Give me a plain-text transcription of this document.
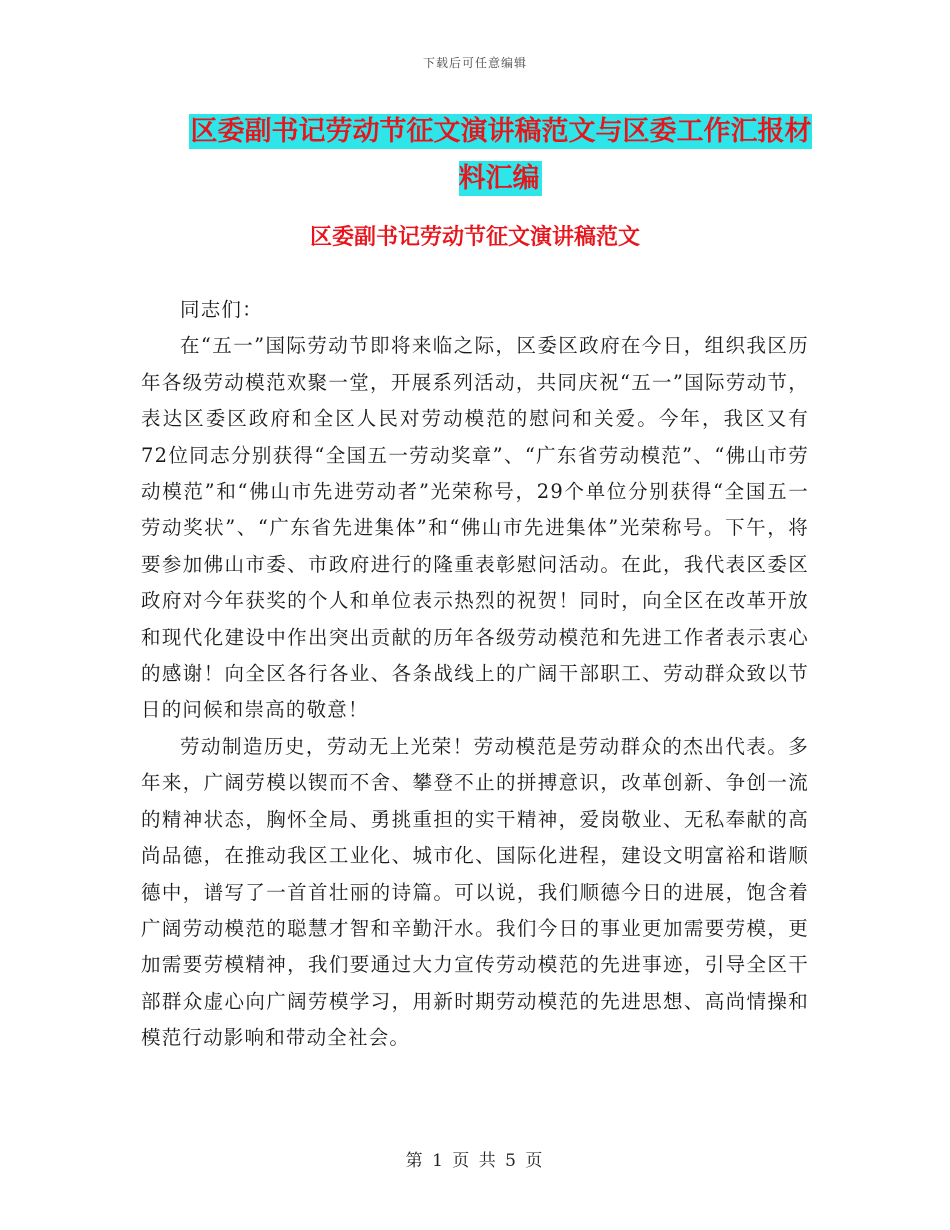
下载后可任意编辑
区委副书记劳动节征文演讲稿范文与区委工作汇报材料汇编
区委副书记劳动节征文演讲稿范文

同志们：

在“五一”国际劳动节即将来临之际，区委区政府在今日，组织我区历年各级劳动模范欢聚一堂，开展系列活动，共同庆祝“五一”国际劳动节，表达区委区政府和全区人民对劳动模范的慰问和关爱。今年，我区又有72位同志分别获得“全国五一劳动奖章”、“广东省劳动模范”、“佛山市劳动模范”和“佛山市先进劳动者”光荣称号，29个单位分别获得“全国五一劳动奖状”、“广东省先进集体”和“佛山市先进集体”光荣称号。下午，将要参加佛山市委、市政府进行的隆重表彰慰问活动。在此，我代表区委区政府对今年获奖的个人和单位表示热烈的祝贺！同时，向全区在改革开放和现代化建设中作出突出贡献的历年各级劳动模范和先进工作者表示衷心的感谢！向全区各行各业、各条战线上的广阔干部职工、劳动群众致以节日的问候和崇高的敬意！

劳动制造历史，劳动无上光荣！劳动模范是劳动群众的杰出代表。多年来，广阔劳模以锲而不舍、攀登不止的拼搏意识，改革创新、争创一流的精神状态，胸怀全局、勇挑重担的实干精神，爱岗敬业、无私奉献的高尚品德，在推动我区工业化、城市化、国际化进程，建设文明富裕和谐顺德中，谱写了一首首壮丽的诗篇。可以说，我们顺德今日的进展，饱含着广阔劳动模范的聪慧才智和辛勤汗水。我们今日的事业更加需要劳模，更加需要劳模精神，我们要通过大力宣传劳动模范的先进事迹，引导全区干部群众虚心向广阔劳模学习，用新时期劳动模范的先进思想、高尚情操和模范行动影响和带动全社会。

第 1 页 共 5 页
